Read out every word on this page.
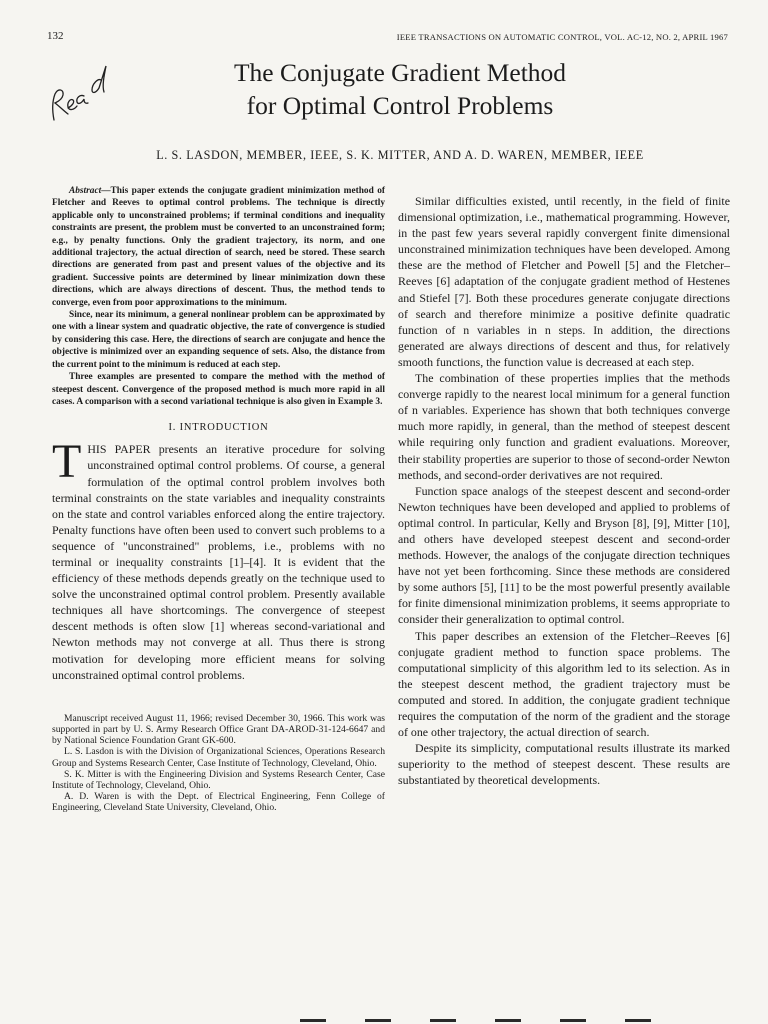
132	IEEE TRANSACTIONS ON AUTOMATIC CONTROL, VOL. AC-12, NO. 2, APRIL 1967
The Conjugate Gradient Method
for Optimal Control Problems
L. S. LASDON, MEMBER, IEEE, S. K. MITTER, AND A. D. WAREN, MEMBER, IEEE

Abstract—This paper extends the conjugate gradient minimization method of Fletcher and Reeves to optimal control problems. The technique is directly applicable only to unconstrained problems; if terminal conditions and inequality constraints are present, the problem must be converted to an unconstrained form; e.g., by penalty functions. Only the gradient trajectory, its norm, and one additional trajectory, the actual direction of search, need be stored. These search directions are generated from past and present values of the objective and its gradient. Successive points are determined by linear minimization down these directions, which are always directions of descent. Thus, the method tends to converge, even from poor approximations to the minimum.

Since, near its minimum, a general nonlinear problem can be approximated by one with a linear system and quadratic objective, the rate of convergence is studied by considering this case. Here, the directions of search are conjugate and hence the objective is minimized over an expanding sequence of sets. Also, the distance from the current point to the minimum is reduced at each step.

Three examples are presented to compare the method with the method of steepest descent. Convergence of the proposed method is much more rapid in all cases. A comparison with a second variational technique is also given in Example 3.

I. INTRODUCTION

THIS PAPER presents an iterative procedure for solving unconstrained optimal control problems. Of course, a general formulation of the optimal control problem involves both terminal constraints on the state variables and inequality constraints on the state and control variables enforced along the entire trajectory. Penalty functions have often been used to convert such problems to a sequence of "unconstrained" problems, i.e., problems with no terminal or inequality constraints [1]–[4]. It is evident that the efficiency of these methods depends greatly on the technique used to solve the unconstrained optimal control problem. Presently available techniques all have shortcomings. The convergence of steepest descent methods is often slow [1] whereas second-variational and Newton methods may not converge at all. Thus there is strong motivation for developing more efficient means for solving unconstrained optimal control problems.

Manuscript received August 11, 1966; revised December 30, 1966. This work was supported in part by U. S. Army Research Office Grant DA-AROD-31-124-6647 and by National Science Foundation Grant GK-600.

L. S. Lasdon is with the Division of Organizational Sciences, Operations Research Group and Systems Research Center, Case Institute of Technology, Cleveland, Ohio.

S. K. Mitter is with the Engineering Division and Systems Research Center, Case Institute of Technology, Cleveland, Ohio.

A. D. Waren is with the Dept. of Electrical Engineering, Fenn College of Engineering, Cleveland State University, Cleveland, Ohio.

Similar difficulties existed, until recently, in the field of finite dimensional optimization, i.e., mathematical programming. However, in the past few years several rapidly convergent finite dimensional unconstrained minimization techniques have been developed. Among these are the method of Fletcher and Powell [5] and the Fletcher–Reeves [6] adaptation of the conjugate gradient method of Hestenes and Stiefel [7]. Both these procedures generate conjugate directions of search and therefore minimize a positive definite quadratic function of n variables in n steps. In addition, the directions generated are always directions of descent and thus, for relatively smooth functions, the function value is decreased at each step.

The combination of these properties implies that the methods converge rapidly to the nearest local minimum for a general function of n variables. Experience has shown that both techniques converge much more rapidly, in general, than the method of steepest descent while requiring only function and gradient evaluations. Moreover, their stability properties are superior to those of second-order Newton methods, and second-order derivatives are not required.

Function space analogs of the steepest descent and second-order Newton techniques have been developed and applied to problems of optimal control. In particular, Kelly and Bryson [8], [9], Mitter [10], and others have developed steepest descent and second-order methods. However, the analogs of the conjugate direction techniques have not yet been forthcoming. Since these methods are considered by some authors [5], [11] to be the most powerful presently available for finite dimensional minimization problems, it seems appropriate to consider their generalization to optimal control.

This paper describes an extension of the Fletcher–Reeves [6] conjugate gradient method to function space problems. The computational simplicity of this algorithm led to its selection. As in the steepest descent method, the gradient trajectory must be computed and stored. In addition, the conjugate gradient technique requires the computation of the norm of the gradient and the storage of one other trajectory, the actual direction of search.

Despite its simplicity, computational results illustrate its marked superiority to the method of steepest descent. These results are substantiated by theoretical developments.
